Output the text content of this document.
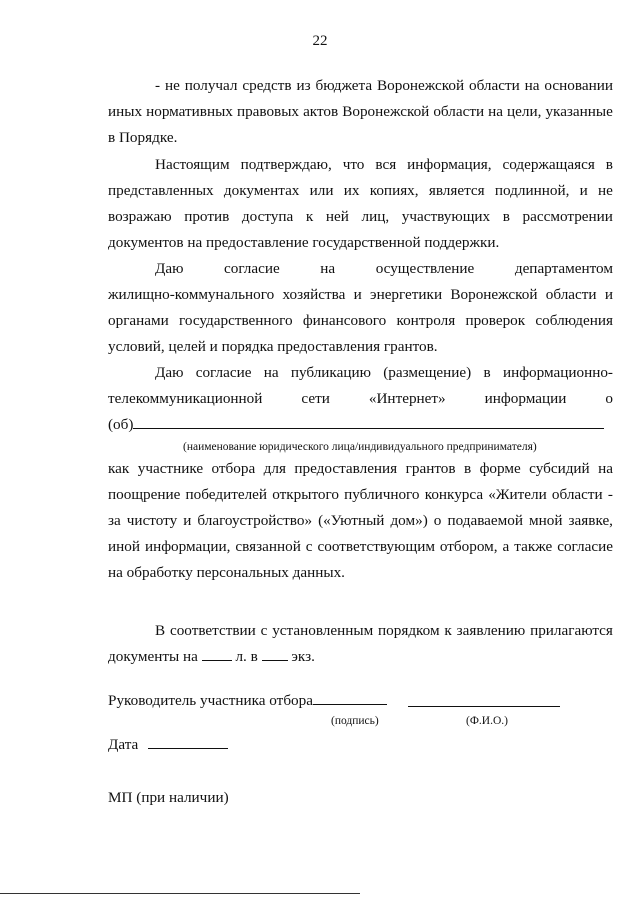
22
- не получал средств из бюджета Воронежской области на основании
иных нормативных правовых актов Воронежской области на цели, указанные
в Порядке.
Настоящим подтверждаю, что вся информация, содержащаяся в
представленных документах или их копиях, является подлинной, и не
возражаю против доступа к ней лиц, участвующих в рассмотрении
документов на предоставление государственной поддержки.
Даю	согласие	на	осуществление	департаментом
жилищно-коммунального хозяйства и энергетики Воронежской области и
органами государственного финансового контроля проверок соблюдения
условий, целей и порядка предоставления грантов.
Даю согласие на публикацию (размещение) в информационно-
телекоммуникационной	сети	«Интернет»	информации	о
(об)
(наименование юридического лица/индивидуального предпринимателя)
как участнике отбора для предоставления грантов в форме субсидий на
поощрение победителей открытого публичного конкурса «Жители области -
за чистоту и благоустройство» («Уютный дом») о подаваемой мной заявке,
иной информации, связанной с соответствующим отбором, а также согласие
на обработку персональных данных.
В соответствии с установленным порядком к заявлению прилагаются
документы на л. в экз.
Руководитель участника отбора
(подпись)	(Ф.И.О.)
Дата
МП (при наличии)
